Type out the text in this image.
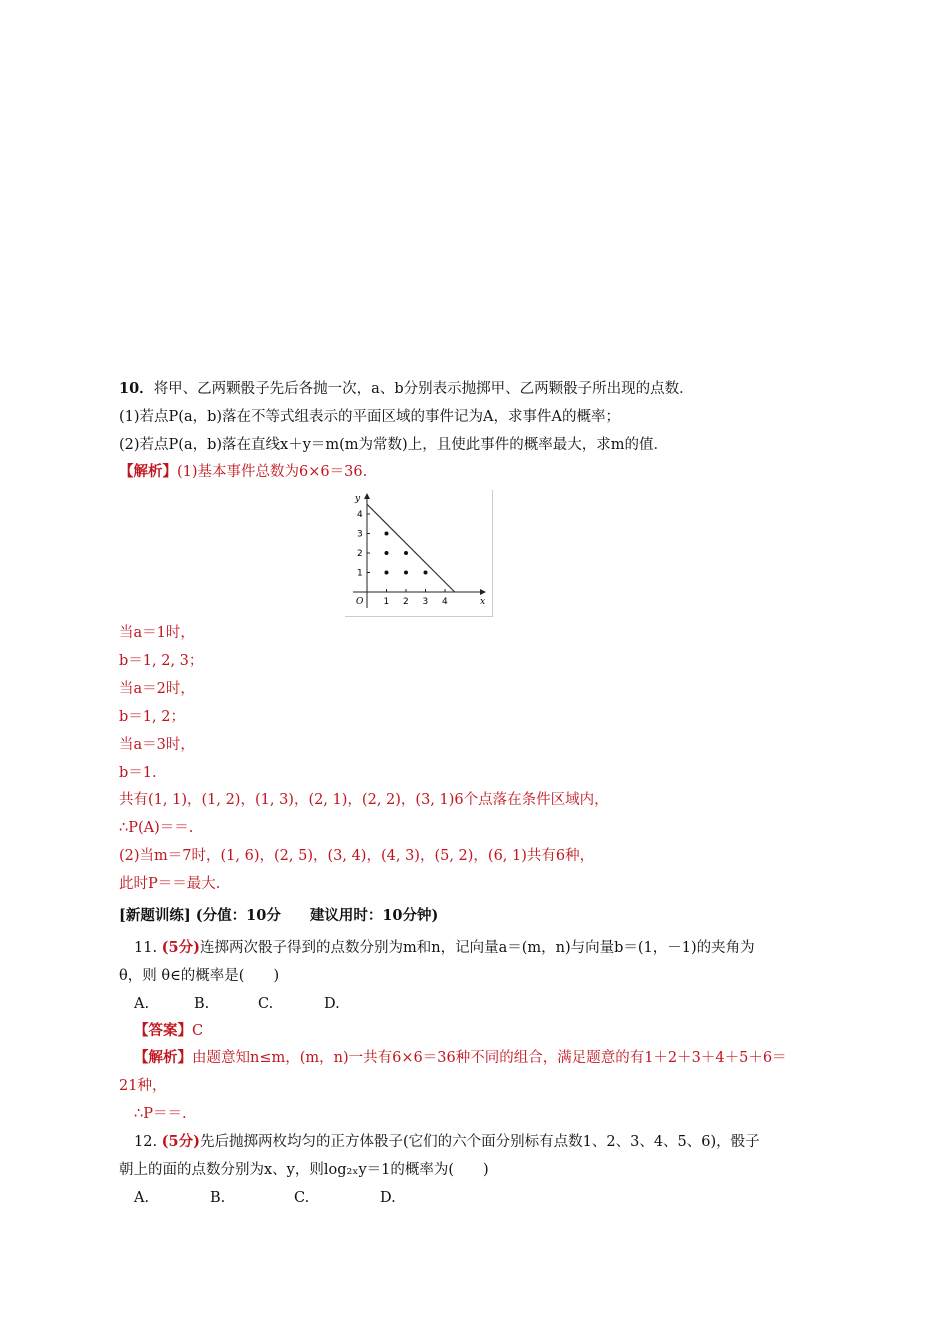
10．将甲、乙两颗骰子先后各抛一次，a、b分别表示抛掷甲、乙两颗骰子所出现的点数．
(1)若点P(a，b)落在不等式组表示的平面区域的事件记为A，求事件A的概率；
(2)若点P(a，b)落在直线x＋y＝m(m为常数)上，且使此事件的概率最大，求m的值．
【解析】(1)基本事件总数为6×6＝36.
y
x
O 1 2 3 4
1
2
3
4
当a＝1时，
b＝1, 2, 3；
当a＝2时，
b＝1, 2；
当a＝3时，
b＝1.
共有(1, 1)，(1, 2)，(1, 3)，(2, 1)，(2, 2)，(3, 1)6个点落在条件区域内，
∴P(A)＝＝.
(2)当m＝7时，(1, 6)，(2, 5)，(3, 4)，(4, 3)，(5, 2)，(6, 1)共有6种，
此时P＝＝最大.
[新题训练] (分值：10分　　建议用时：10分钟)
11. (5分)连掷两次骰子得到的点数分别为m和n，记向量a＝(m，n)与向量b＝(1，－1)的夹角为
θ，则 θ∈的概率是(　　)
A.	B.	C.	D.
【答案】C
【解析】由题意知n≤m，(m，n)一共有6×6＝36种不同的组合，满足题意的有1＋2＋3＋4＋5＋6＝
21种，
∴P＝＝.
12. (5分)先后抛掷两枚均匀的正方体骰子(它们的六个面分别标有点数1、2、3、4、5、6)，骰子
朝上的面的点数分别为x、y，则log₂ₓy＝1的概率为(　　)
A.	B.	C.	D.
